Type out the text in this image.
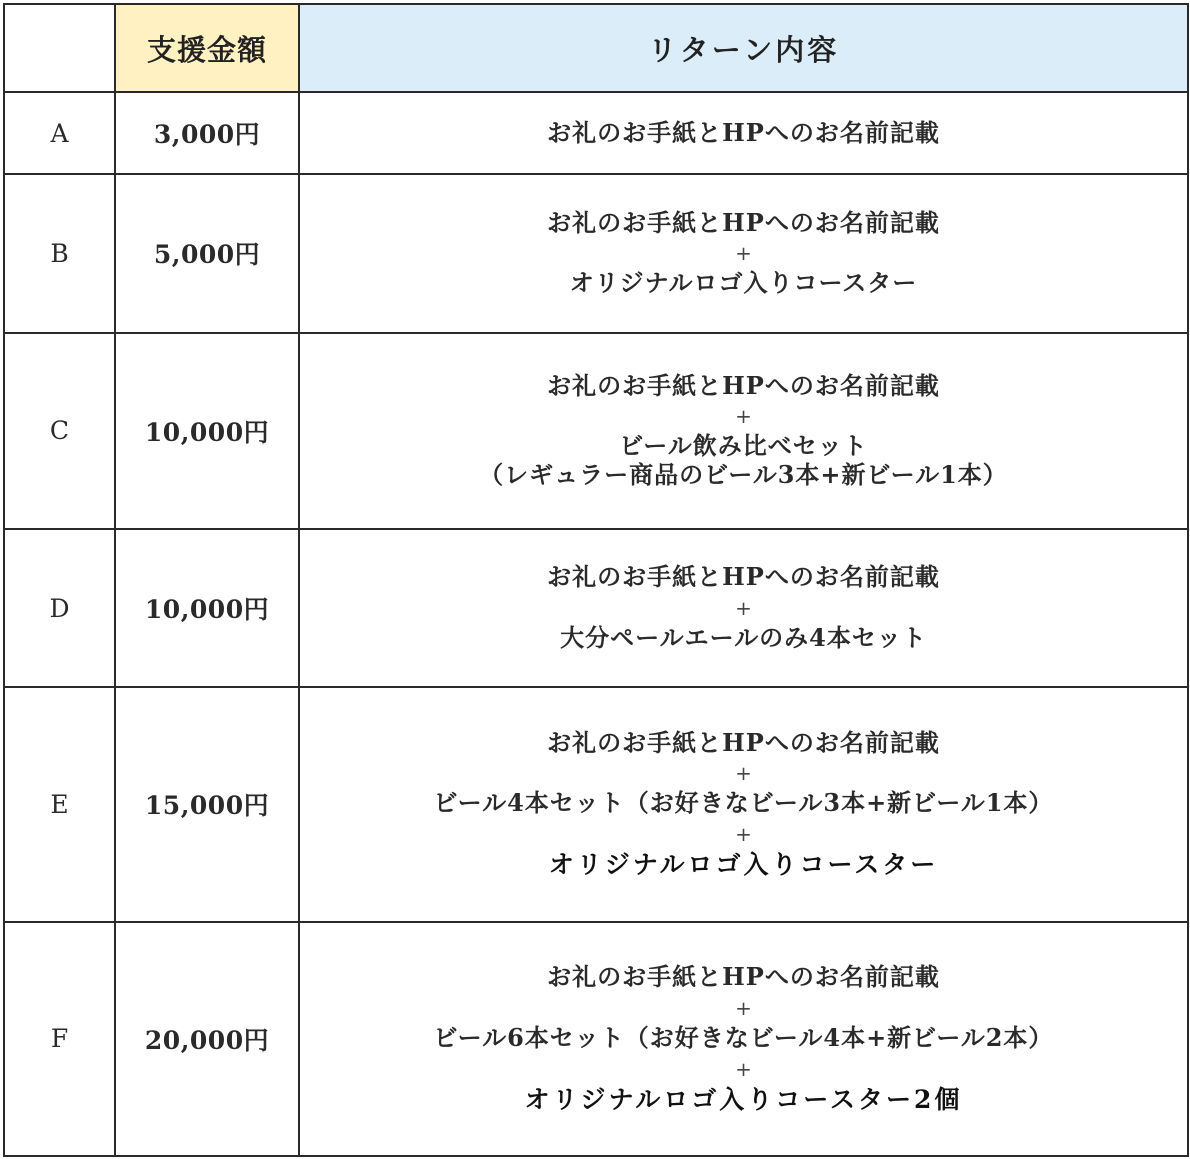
	支援金額	リターン内容
A	3,000円	お礼のお手紙とHPへのお名前記載

B	5,000円	お礼のお手紙とHPへのお名前記載
+
オリジナルロゴ入りコースター

C	10,000円	お礼のお手紙とHPへのお名前記載
+
ビール飲み比べセット
（レギュラー商品のビール3本+新ビール1本）

D	10,000円	お礼のお手紙とHPへのお名前記載
+
大分ペールエールのみ4本セット

E	15,000円	お礼のお手紙とHPへのお名前記載
+
ビール4本セット（お好きなビール3本+新ビール1本）
+
オリジナルロゴ入りコースター

F	20,000円	お礼のお手紙とHPへのお名前記載
+
ビール6本セット（お好きなビール4本+新ビール2本）
+
オリジナルロゴ入りコースター2個
